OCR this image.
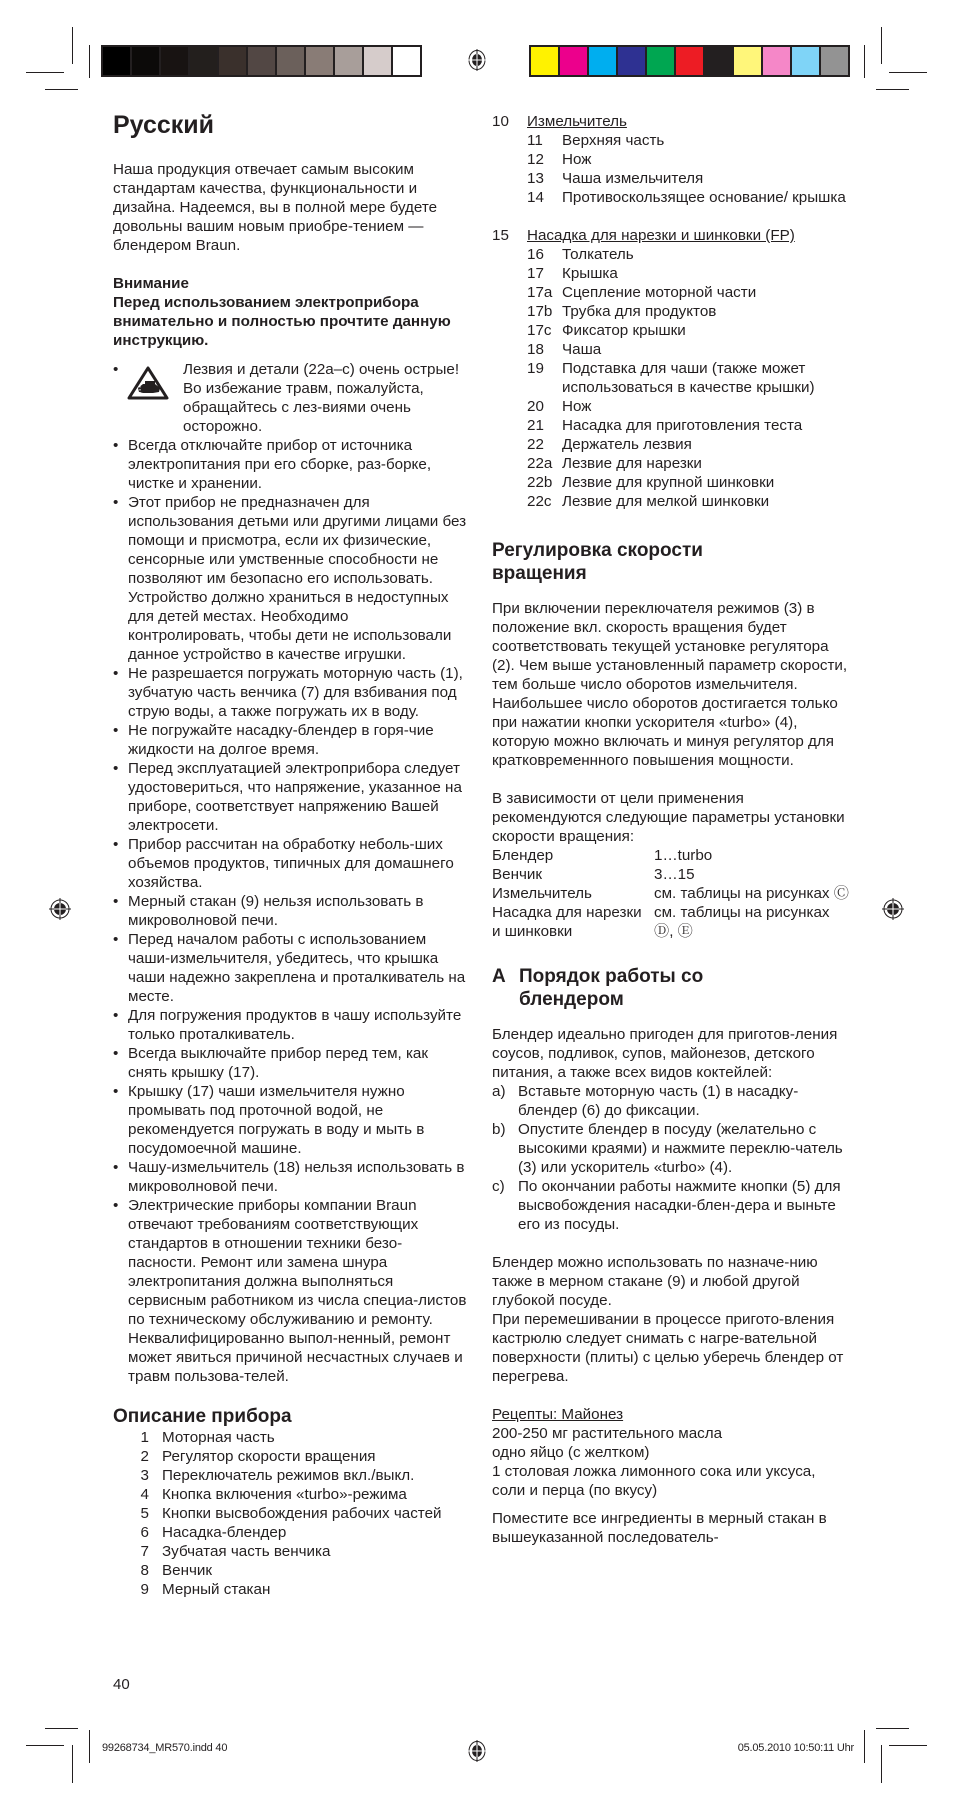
Русский

Наша продукция отвечает самым высоким стандартам качества, функциональности и дизайна. Надеемся, вы в полной мере будете довольны вашим новым приобре-тением — блендером Braun.

Внимание

Перед использованием электроприбора внимательно и полностью прочтите данную инструкцию.

• Лезвия и детали (22a–c) очень острые! Во избежание травм, пожалуйста, обращайтесь с лез-виями очень осторожно.
• Всегда отключайте прибор от источника электропитания при его сборке, раз-борке, чистке и хранении.
• Этот прибор не предназначен для использования детьми или другими лицами без помощи и присмотра, если их физические, сенсорные или умственные способности не позволяют им безопасно его использовать. Устройство должно храниться в недоступных для детей местах. Необходимо контролировать, чтобы дети не использовали данное устройство в качестве игрушки.
• Не разрешается погружать моторную часть (1), зубчатую часть венчика (7) для взбивания под струю воды, а также погружать их в воду.
• Не погружайте насадку-блендер в горя-чие жидкости на долгое время.
• Перед эксплуатацией электроприбора следует удостовериться, что напряжение, указанное на приборе, соответствует напряжению Вашей электросети.
• Прибор рассчитан на обработку неболь-ших объемов продуктов, типичных для домашнего хозяйства.
• Мерный стакан (9) нельзя использовать в микроволновой печи.
• Перед началом работы с использованием чаши-измельчителя, убедитесь, что крышка чаши надежно закреплена и проталкиватель на месте.
• Для погружения продуктов в чашу используйте только проталкиватель.
• Всегда выключайте прибор перед тем, как снять крышку (17).
• Крышку (17) чаши измельчителя нужно промывать под проточной водой, не рекомендуется погружать в воду и мыть в посудомоечной машине.
• Чашу-измельчитель (18) нельзя использовать в микроволновой печи.
• Электрические приборы компании Braun отвечают требованиям соответствующих стандартов в отношении техники безо-пасности. Ремонт или замена шнура электропитания должна выполняться сервисным работником из числа специа-листов по техническому обслуживанию и ремонту. Неквалифицированно выпол-ненный, ремонт может явиться причиной несчастных случаев и травм пользова-телей.
Описание прибора
1 Моторная часть
2 Регулятор скорости вращения
3 Переключатель режимов вкл./выкл.
4 Кнопка включения «turbo»-режима
5 Кнопки высвобождения рабочих частей
6 Насадка-блендер
7 Зубчатая часть венчика
8 Венчик
9 Мерный стакан
10	Измельчитель
11	Верхняя часть
12	Нож
13	Чаша измельчителя
14	Противоскользящее основание/ крышка
15	Насадка для нарезки и шинковки (FP)
16	Толкатель
17	Крышка
17a Сцепление моторной части
17b Трубка для продуктов
17c Фиксатор крышки
18	Чаша
19	Подставка для чаши (также может использоваться в качестве крышки)
20	Нож
21	Насадка для приготовления теста
22	Держатель лезвия
22a Лезвие для нарезки
22b Лезвие для крупной шинковки
22c Лезвие для мелкой шинковки
Регулировка скорости вращения

При включении переключателя режимов (3) в положение вкл. скорость вращения будет соответствовать текущей установке регулятора (2). Чем выше установленный параметр скорости, тем больше число оборотов измельчителя.

Наибольшее число оборотов достигается только при нажатии кнопки ускорителя «turbo» (4), которую можно включать и минуя регулятор для кратковременнного повышения мощности.

В зависимости от цели применения рекомендуются следующие параметры установки скорости вращения:

Блендер	1…turbo
Венчик	3…15
Измельчитель	см. таблицы на рисунках Ⓒ
Насадка для нарезки и шинковки
см. таблицы на рисунках Ⓓ, Ⓔ
A Порядок работы со блендером

Блендер идеально пригоден для приготов-ления соусов, подливок, супов, майонезов, детского питания, а также всех видов коктейлей:

a) Вставьте моторную часть (1) в насадку-блендер (6) до фиксации.
b) Опустите блендер в посуду (желательно с высокими краями) и нажмите переклю-чатель (3) или ускоритель «turbo» (4).
c) По окончании работы нажмите кнопки (5) для высвобождения насадки-блен-дера и выньте его из посуды.

Блендер можно использовать по назначе-нию также в мерном стакане (9) и любой другой глубокой посуде.

При перемешивании в процессе пригото-вления кастрюлю следует снимать с нагре-вательной поверхности (плиты) с целью уберечь блендер от перегрева.

Рецепты: Майонез

200-250 мг растительного масла

одно яйцо (с желтком)

1 столовая ложка лимонного сока или уксуса, соли и перца (по вкусу)

Поместите все ингредиенты в мерный стакан в вышеуказанной последователь-

40
99268734_MR570.indd 40	05.05.2010 10:50:11 Uhr
